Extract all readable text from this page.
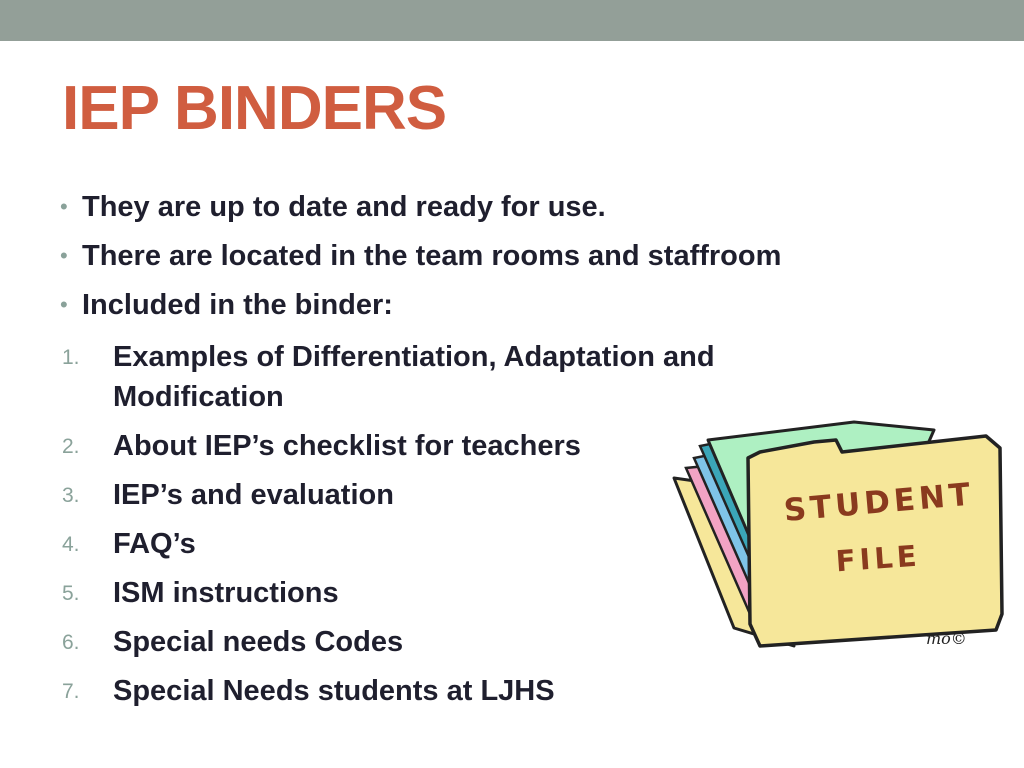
IEP BINDERS
• They are up to date and ready for use.
• There are located in the team rooms and staffroom
• Included in the binder:
1. Examples of Differentiation, Adaptation and Modification
2. About IEP’s checklist for teachers
3. IEP’s and evaluation
4. FAQ’s
5. ISM instructions
6. Special needs Codes
7. Special Needs students at LJHS
STUDENT
FILE
mo©
